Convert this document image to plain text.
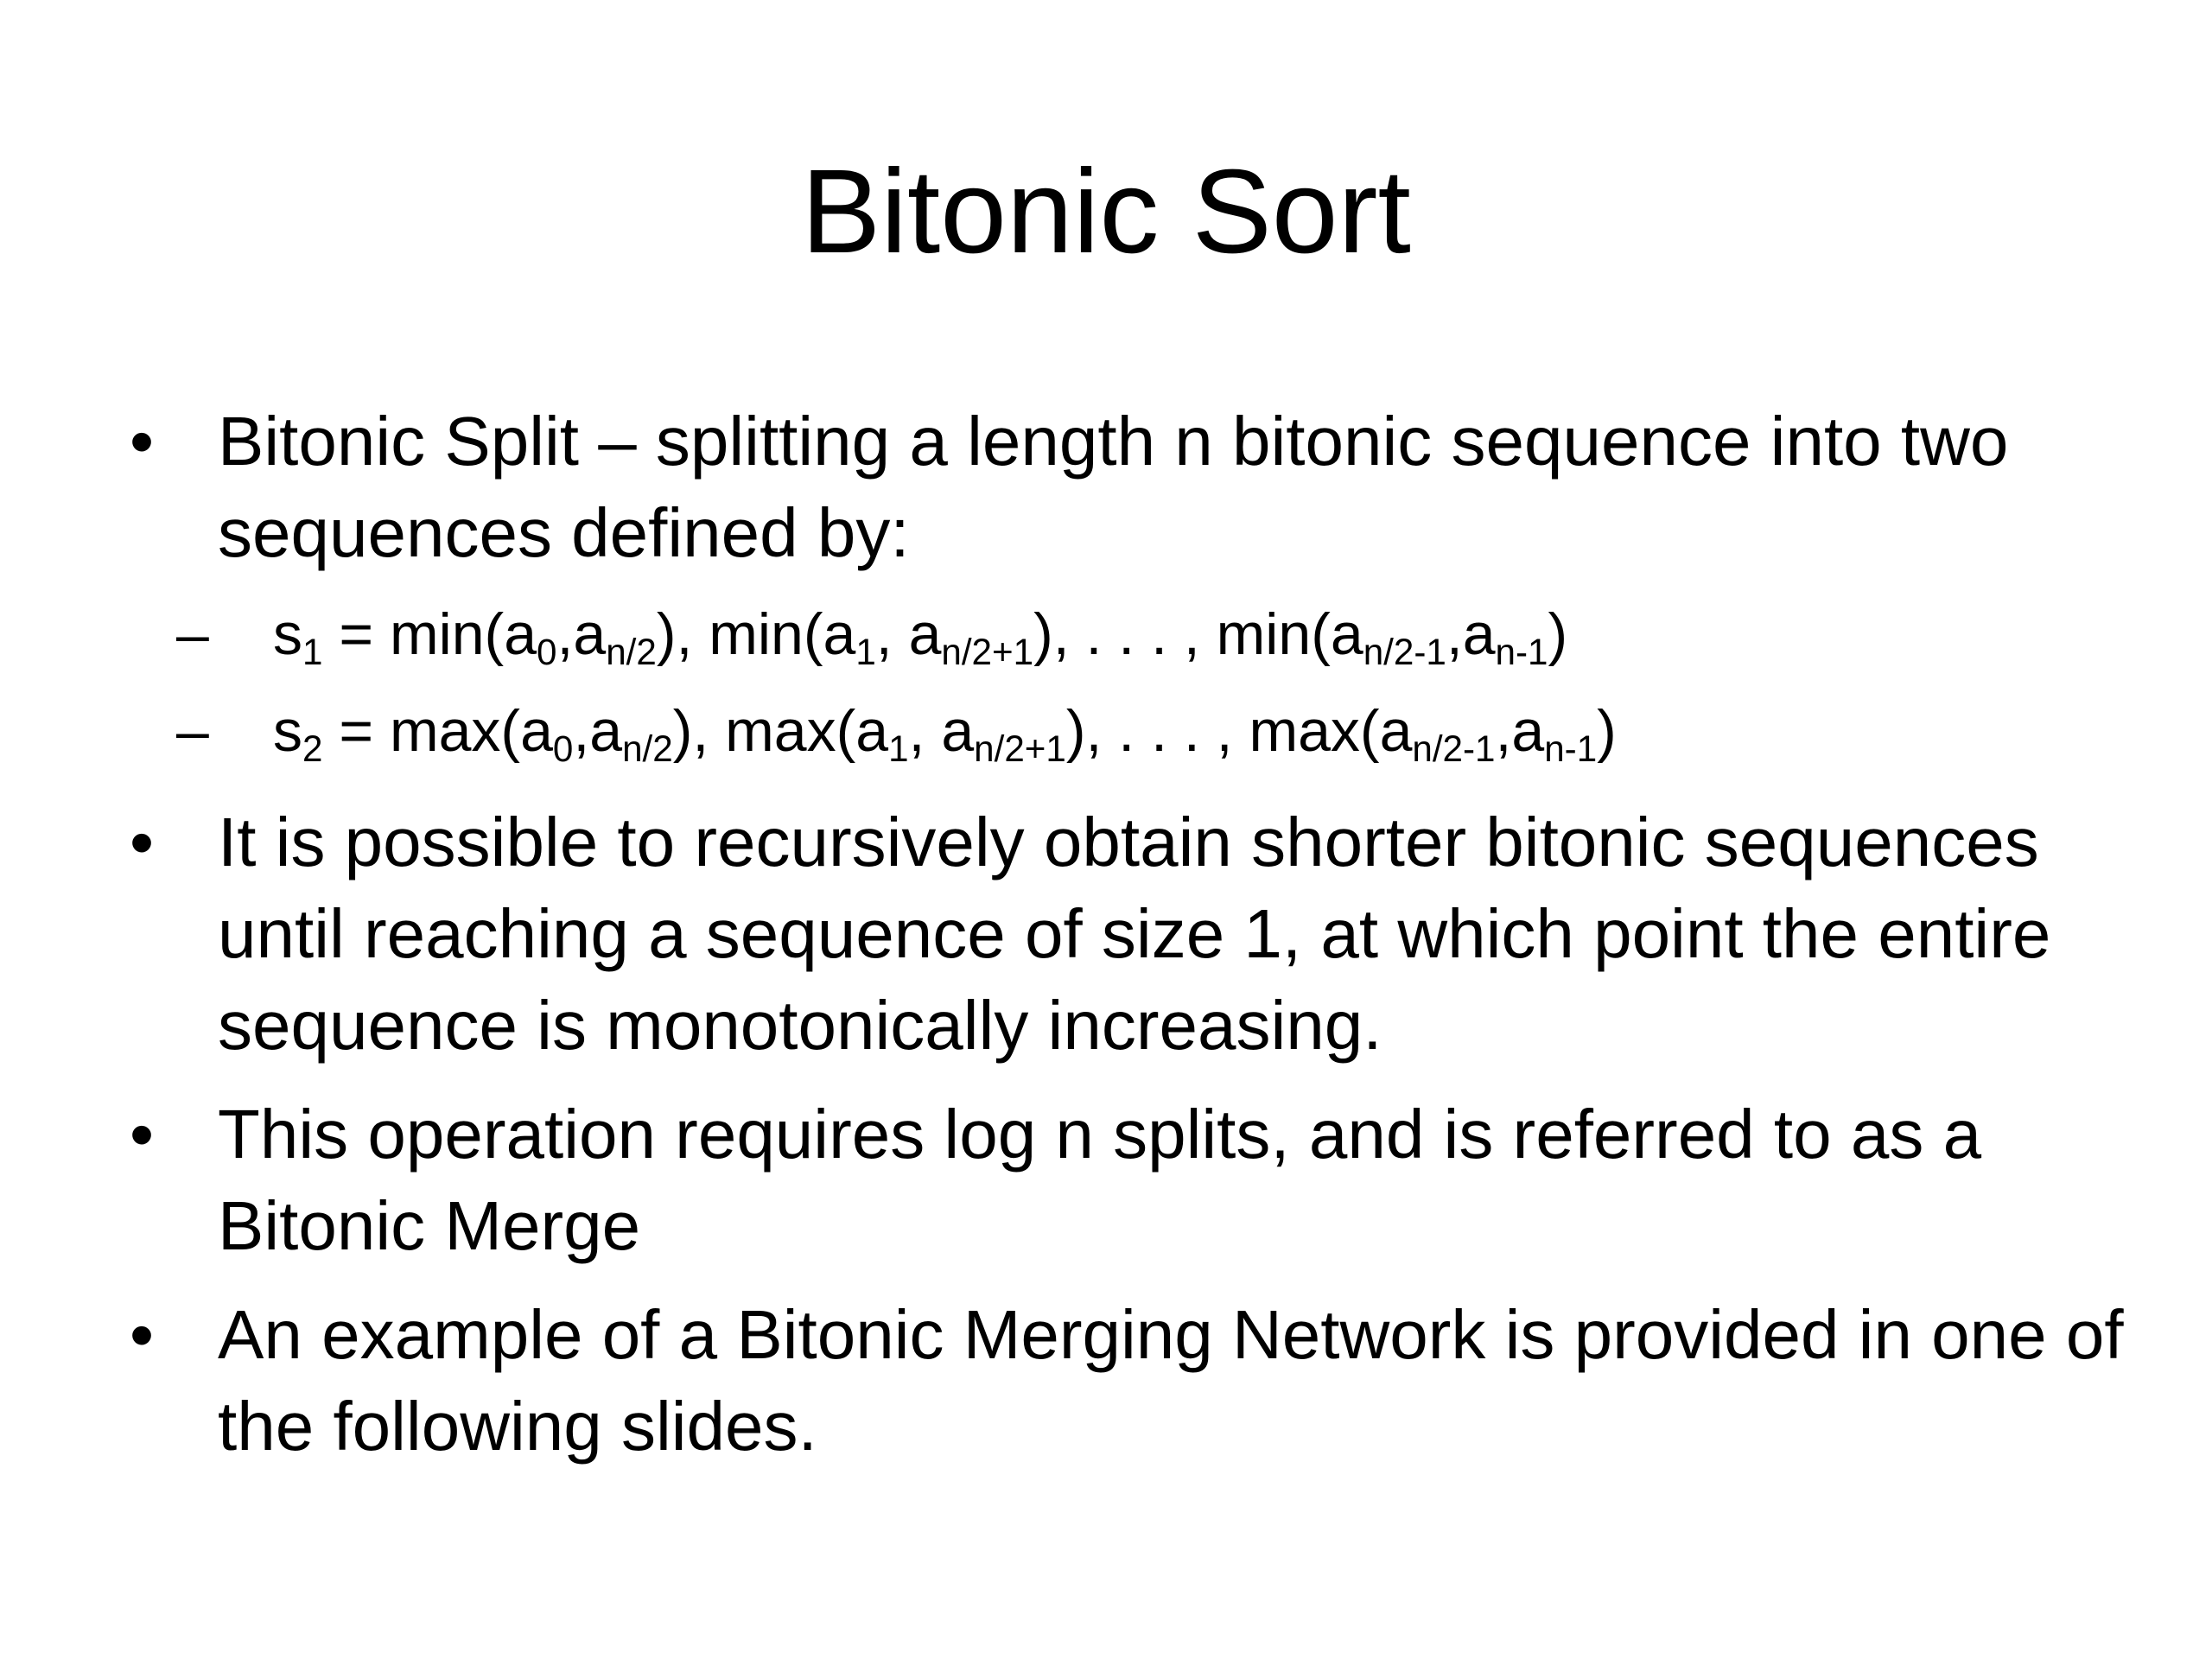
Bitonic Sort
• Bitonic Split – splitting a length n bitonic sequence into two sequences defined by:
– $s_1 = \min(a_0,a_{n/2})$, $\min(a_1$, $a_{n/2+1}$), . . . , $\min(a_{n/2-1},a_{n-1})$
– $s_2 = \max(a_0,a_{n/2})$, $\max(a_1$, $a_{n/2+1}$), . . . , $\max(a_{n/2-1},a_{n-1})$
• It is possible to recursively obtain shorter bitonic sequences until reaching a sequence of size 1, at which point the entire sequence is monotonically increasing.
• This operation requires log n splits, and is referred to as a Bitonic Merge
• An example of a Bitonic Merging Network is provided in one of the following slides.
